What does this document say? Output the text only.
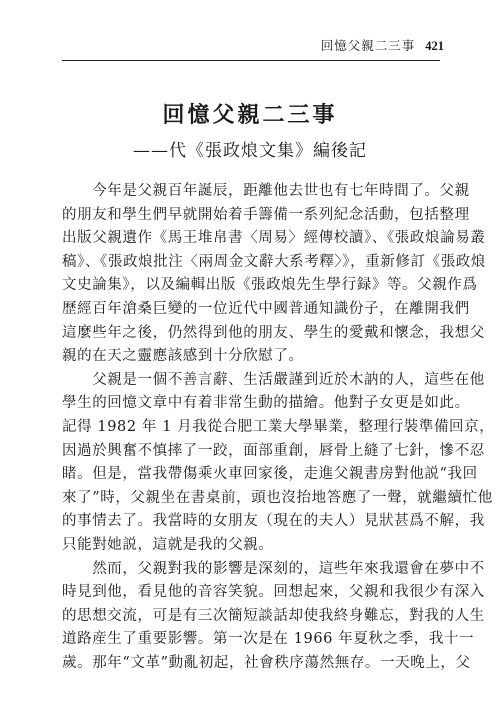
回憶父親二三事 421
回憶父親二三事
——代《張政烺文集》編後記
　　今年是父親百年誕辰，距離他去世也有七年時間了。父親
的朋友和學生們早就開始着手籌備一系列紀念活動，包括整理
出版父親遺作《馬王堆帛書〈周易〉經傳校讀》、《張政烺論易叢
稿》、《張政烺批注〈兩周金文辭大系考釋〉》，重新修訂《張政烺
文史論集》，以及編輯出版《張政烺先生學行録》等。父親作爲
歷經百年滄桑巨變的一位近代中國普通知識份子，在離開我們
這麼些年之後，仍然得到他的朋友、學生的愛戴和懷念，我想父
親的在天之靈應該感到十分欣慰了。
　　父親是一個不善言辭、生活嚴謹到近於木訥的人，這些在他
學生的回憶文章中有着非常生動的描繪。他對子女更是如此。
記得 1982 年 1 月我從合肥工業大學畢業，整理行裝準備回京，
因過於興奮不慎摔了一跤，面部重創，唇骨上縫了七針，慘不忍
睹。但是，當我帶傷乘火車回家後，走進父親書房對他説“我回
來了”時，父親坐在書桌前，頭也沒抬地答應了一聲，就繼續忙他
的事情去了。我當時的女朋友（現在的夫人）見狀甚爲不解，我
只能對她説，這就是我的父親。
　　然而，父親對我的影響是深刻的，這些年來我還會在夢中不
時見到他，看見他的音容笑貌。回想起來，父親和我很少有深入
的思想交流，可是有三次簡短談話却使我終身難忘，對我的人生
道路産生了重要影響。第一次是在 1966 年夏秋之季，我十一
歲。那年“文革”動亂初起，社會秩序蕩然無存。一天晚上，父
